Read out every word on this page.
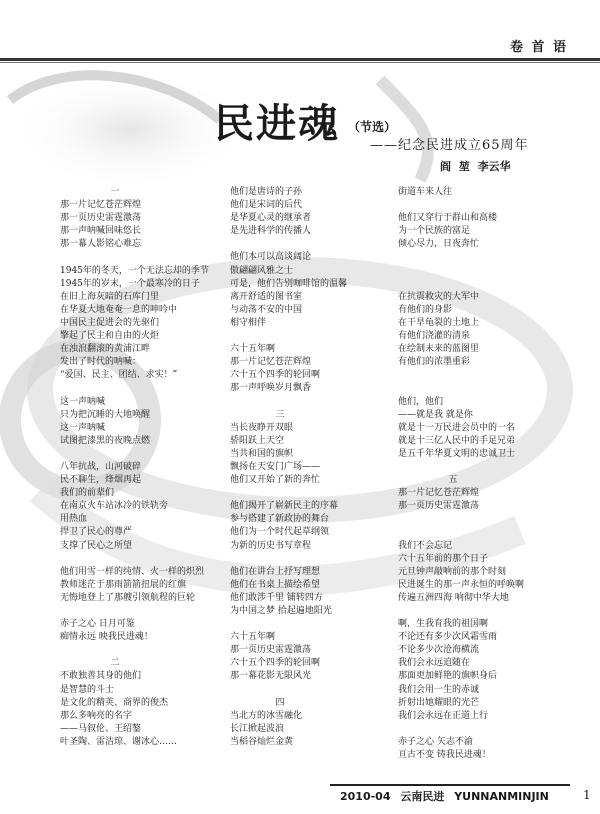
卷 首 语
民进魂 （节选）
——纪念民进成立65周年
阎 堃 李云华
一
那一片记忆苍茫辉煌
那一页历史雷霆激荡
那一声呐喊回味悠长
那一幕人影铭心难忘
1945年的冬天，一个无法忘却的季节
1945年的岁末，一个最寒冷的日子
在旧上海灰暗的石库门里
在华夏大地奄奄一息的呻吟中
中国民主促进会的先驱们
擎起了民主和自由的火炬
在浊浪翻滚的黄浦江畔
发出了时代的呐喊：
“爱国、民主、团结、求实！”
这一声呐喊
只为把沉睡的大地唤醒
这一声呐喊
试图把漆黑的夜晚点燃
八年抗战，山河破碎
民不聊生，烽烟再起
我们的前辈们
在南京火车站冰冷的铁轨旁
用热血
捍卫了民心的尊严
支撑了民心之所望
他们用雪一样的纯情、火一样的炽烈
教师迷茫于那雨箭箭扭展的红旗
无悔地登上了那艘引领航程的巨轮
赤子之心 日月可鉴
痴情永远 映我民进魂！
二
不敢独善其身的他们
是智慧的斗士
是文化的精英、商界的俊杰
那么多响亮的名字
——马叙伦、王绍鏊
叶圣陶、雷洁琼、谢冰心……
他们是唐诗的子孙
他们是宋词的后代
是华夏心灵的继承者
是先进科学的传播人
他们本可以高谈阔论
傲翩翩风雅之士
可是，他们告别咖啡馆的温馨
离开舒适的图书室
与动荡不安的中国
相守相伴
六十五年啊
那一片记忆苍茫辉煌
六十五个四季的轮回啊
那一声呼唤岁月飘香
三
当长夜睁开双眼
骄阳跃上天空
当共和国的旗帜
飘扬在天安门广场——
他们又开始了新的奔忙
他们揭开了崭新民主的序幕
参与搭建了新政协的舞台
他们为一个时代起草纲领
为新的历史书写章程
他们在讲台上抒写理想
他们在书桌上描绘希望
他们敢涉千里 铺转四方
为中国之梦 拾起遍地阳光
六十五年啊
那一页历史雷霆激荡
六十五个四季的轮回啊
那一幕花影无限风光
四
当北方的冰雪融化
长江掀起波浪
当稻谷灿烂金黄
街道车来人往
他们又穿行于群山和高楼
为一个民族的富足
倾心尽力，日夜奔忙
在抗震救灾的大军中
有他们的身影
在干旱龟裂的土地上
有他们浇灌的清泉
在绘制未来的蓝图里
有他们的浓墨重彩
他们，他们
——就是我 就是你
就是十一万民进会员中的一名
就是十三亿人民中的手足兄弟
是五千年华夏文明的忠诚卫士
五
那一片记忆苍茫辉煌
那一页历史雷霆激荡
我们不会忘记
六十五年前的那个日子
元旦钟声敲响前的那个时刻
民进诞生的那一声永恒的呼唤啊
传遍五洲四海 响彻中华大地
啊，生我育我的祖国啊
不论还有多少次风霜雪雨
不论多少次沧海横流
我们会永远追随在
那面更加鲜艳的旗帜身后
我们会用一生的赤诚
折射出她耀眼的光芒
我们会永远在正道上行
赤子之心 矢志不渝
亘古不变 铸我民进魂！
2010-04 云南民进 YUNNANMINJIN	1
